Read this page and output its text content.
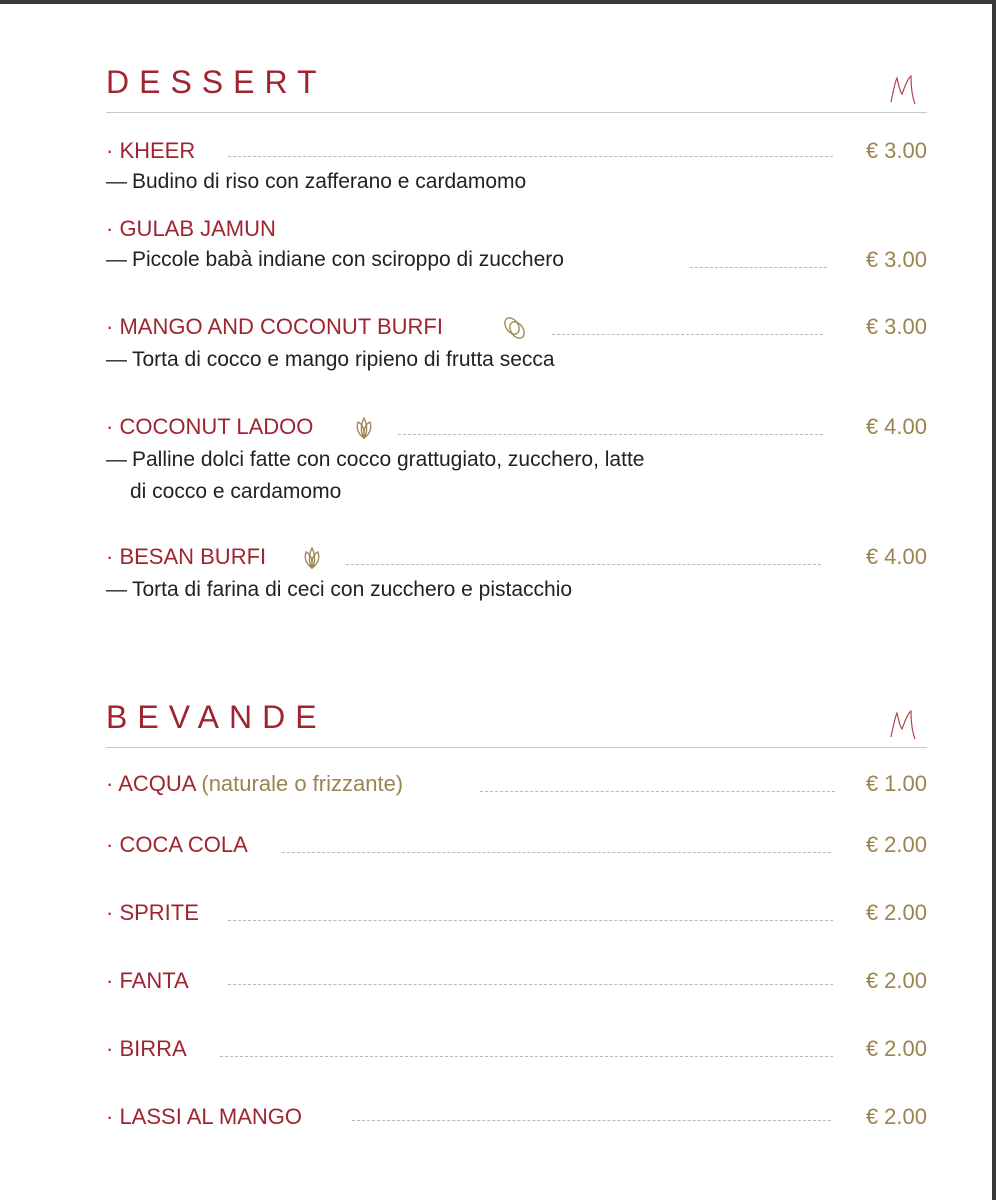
DESSERT
· KHEER	€ 3.00
— Budino di riso con zafferano e cardamomo
· GULAB JAMUN
— Piccole babà indiane con sciroppo di zucchero	€ 3.00
· MANGO AND COCONUT BURFI	€ 3.00
— Torta di cocco e mango ripieno di frutta secca
· COCONUT LADOO	€ 4.00
— Palline dolci fatte con cocco grattugiato, zucchero, latte
di cocco e cardamomo
· BESAN BURFI	€ 4.00
— Torta di farina di ceci con zucchero e pistacchio
BEVANDE
· ACQUA (naturale o frizzante)	€ 1.00
· COCA COLA	€ 2.00
· SPRITE	€ 2.00
· FANTA	€ 2.00
· BIRRA	€ 2.00
· LASSI AL MANGO	€ 2.00
